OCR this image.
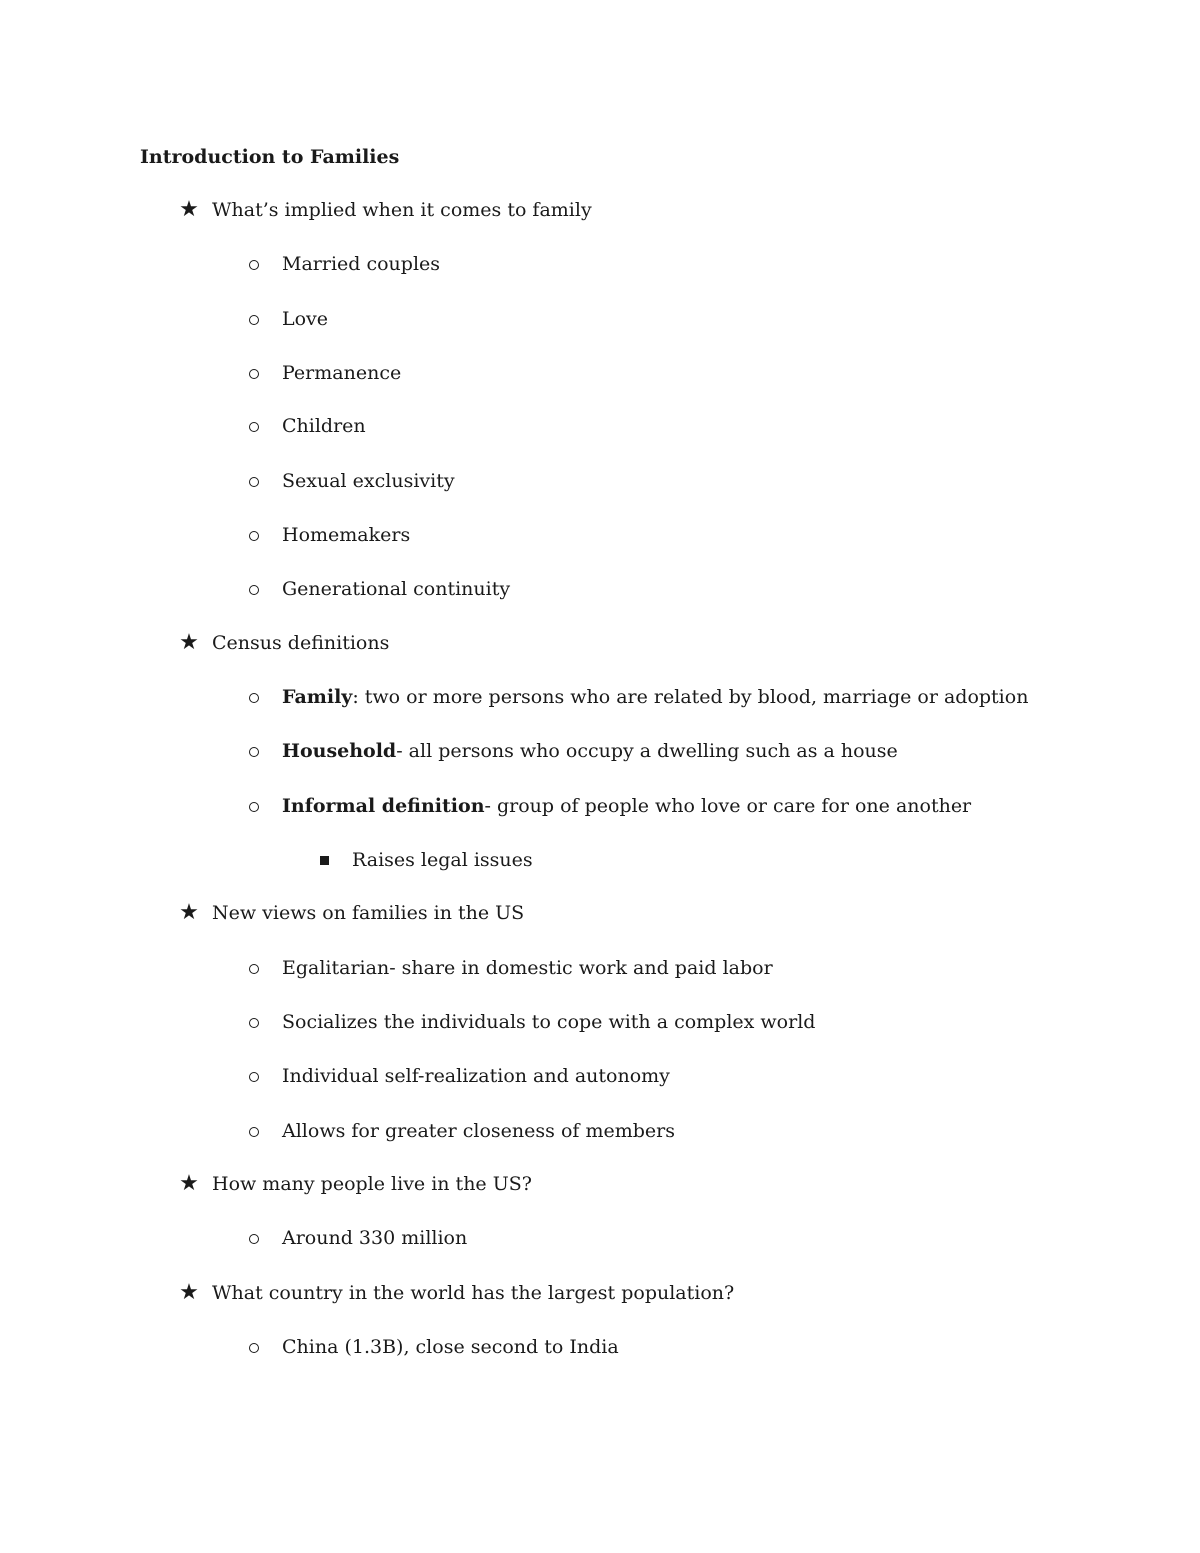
Introduction to Families
★ What’s implied when it comes to family
Married couples
Love
Permanence
Children
Sexual exclusivity
Homemakers
Generational continuity
★ Census definitions
Family: two or more persons who are related by blood, marriage or adoption
Household- all persons who occupy a dwelling such as a house
Informal definition- group of people who love or care for one another
Raises legal issues
★ New views on families in the US
Egalitarian- share in domestic work and paid labor
Socializes the individuals to cope with a complex world
Individual self-realization and autonomy
Allows for greater closeness of members
★ How many people live in the US?
Around 330 million
★ What country in the world has the largest population?
China (1.3B), close second to India
